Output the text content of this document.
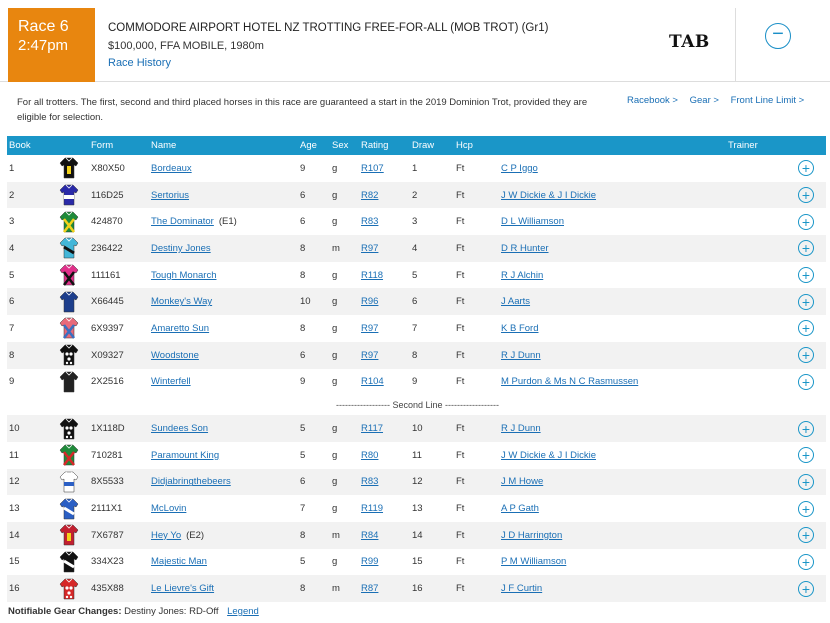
Race 6
2:47pm
COMMODORE AIRPORT HOTEL NZ TROTTING FREE-FOR-ALL (MOB TROT) (Gr1)
$100,000, FFA MOBILE, 1980m
Race History
TAB	−
For all trotters. The first, second and third placed horses in this race are guaranteed a start in the 2019 Dominion Trot, provided they are eligible for selection.
Racebook > Gear > Front Line Limit >
Book		Form	Name	Age	Sex	Rating	Draw	Hcp		Trainer	
1		X80X50	Bordeaux	9	g	R107	1	Ft	C P Iggo		+
2		116D25	Sertorius	6	g	R82	2	Ft	J W Dickie & J I Dickie		+
3		424870	The Dominator (E1)	6	g	R83	3	Ft	D L Williamson		+
4		236422	Destiny Jones	8	m	R97	4	Ft	D R Hunter		+
5		111161	Tough Monarch	8	g	R118	5	Ft	R J Alchin		+
6		X66445	Monkey's Way	10	g	R96	6	Ft	J Aarts		+
7		6X9397	Amaretto Sun	8	g	R97	7	Ft	K B Ford		+
8		X09327	Woodstone	6	g	R97	8	Ft	R J Dunn		+
9		2X2516	Winterfell	9	g	R104	9	Ft	M Purdon & Ms N C Rasmussen		+
------------------ Second Line ------------------											
10		1X118D	Sundees Son	5	g	R117	10	Ft	R J Dunn		+
11		710281	Paramount King	5	g	R80	11	Ft	J W Dickie & J I Dickie		+
12		8X5533	Didjabringthebeers	6	g	R83	12	Ft	J M Howe		+
13		2111X1	McLovin	7	g	R119	13	Ft	A P Gath		+
14		7X6787	Hey Yo (E2)	8	m	R84	14	Ft	J D Harrington		+
15		334X23	Majestic Man	5	g	R99	15	Ft	P M Williamson		+
16		435X88	Le Lievre's Gift	8	m	R87	16	Ft	J F Curtin		+
Notifiable Gear Changes: Destiny Jones: RD-Off Legend
